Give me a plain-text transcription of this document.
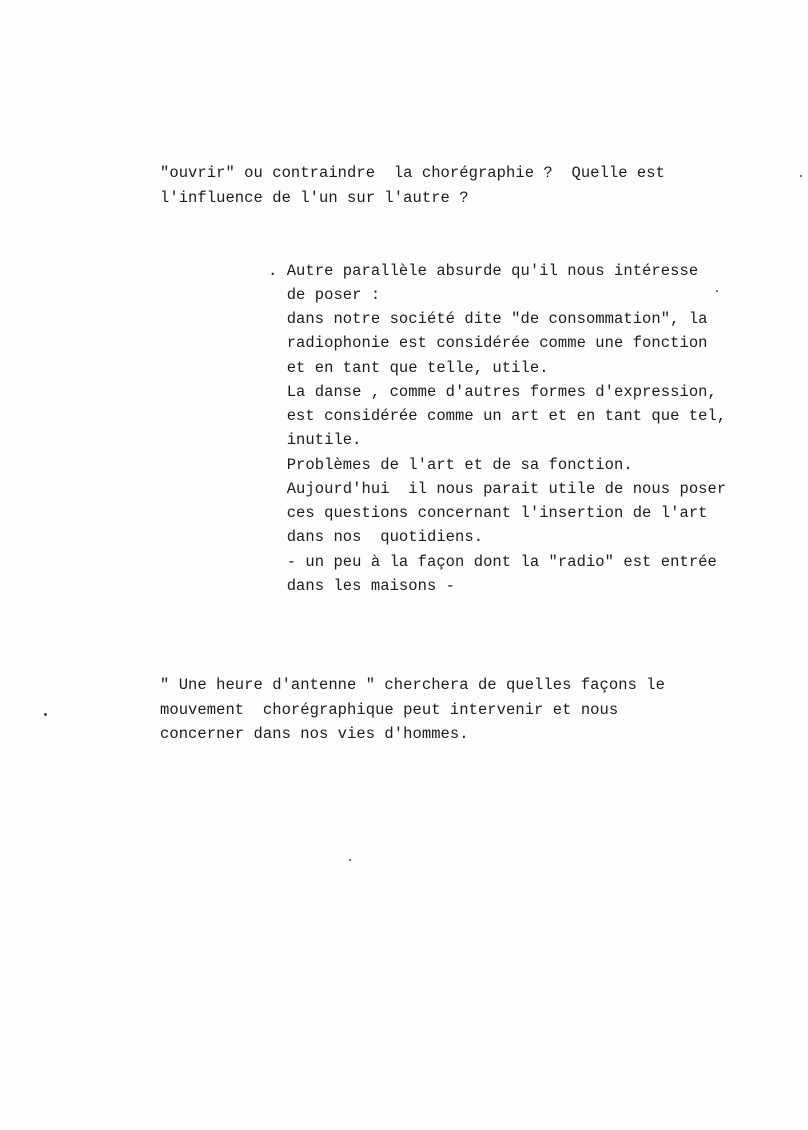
"ouvrir" ou contraindre  la chorégraphie ?  Quelle est
l'influence de l'un sur l'autre ?
. Autre parallèle absurde qu'il nous intéresse
de poser :
dans notre société dite "de consommation", la
radiophonie est considérée comme une fonction
et en tant que telle, utile.
La danse , comme d'autres formes d'expression,
est considérée comme un art et en tant que tel,
inutile.
Problèmes de l'art et de sa fonction.
Aujourd'hui  il nous parait utile de nous poser
ces questions concernant l'insertion de l'art
dans nos  quotidiens.
- un peu à la façon dont la "radio" est entrée
dans les maisons -
" Une heure d'antenne " cherchera de quelles façons le
mouvement  chorégraphique peut intervenir et nous
concerner dans nos vies d'hommes.
